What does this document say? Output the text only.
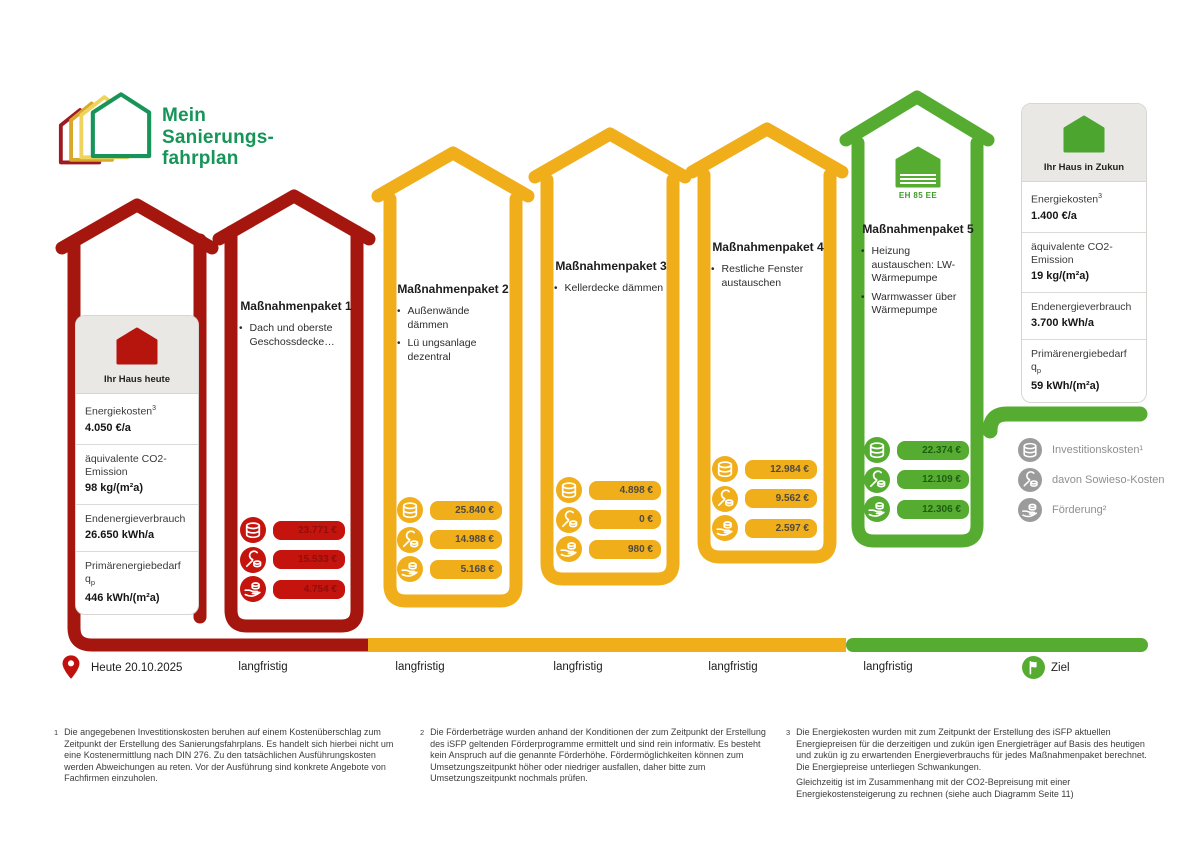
Mein
Sanierungs-
fahrplan
Ihr Haus heute
Energiekosten$^3$
4.050 €/a
äquivalente CO2-Emission
98 kg/(m²a)
Endenergieverbrauch
26.650 kWh/a
Primärenergiebedarf $q_p$
446 kWh/(m²a)
Ihr Haus in Zukun
Energiekosten$^3$
1.400 €/a
äquivalente CO2-Emission
19 kg/(m²a)
Endenergieverbrauch
3.700 kWh/a
Primärenergiebedarf $q_p$
59 kWh/(m²a)
EH 85 EE
Maßnahmenpaket 1
• Dach und oberste Geschossdecke…
Maßnahmenpaket 2
• Außenwände dämmen
• Lü ungsanlage dezentral
Maßnahmenpaket 3
• Kellerdecke dämmen
Maßnahmenpaket 4
• Restliche Fenster austauschen
Maßnahmenpaket 5
• Heizung austauschen: LW-Wärmepumpe
• Warmwasser über Wärmepumpe
23.771 €
15.533 €
4.754 €
25.840 €
14.988 €
5.168 €
4.898 €
0 €
980 €
12.984 €
9.562 €
2.597 €
22.374 €
12.109 €
12.306 €
Investitionskosten¹
davon Sowieso-Kosten
Förderung²
Heute 20.10.2025	langfristig	langfristig	langfristig	langfristig	langfristig	Ziel
1 Die angegebenen Investitionskosten beruhen auf einem Kostenüberschlag zum Zeitpunkt der Erstellung des Sanierungsfahrplans. Es handelt sich hierbei nicht um eine Kostenermittlung nach DIN 276. Zu den tatsächlichen Ausführungskosten werden Abweichungen au reten. Vor der Ausführung sind konkrete Angebote von Fachfirmen einzuholen.

2 Die Förderbeträge wurden anhand der Konditionen der zum Zeitpunkt der Erstellung des iSFP geltenden Förderprogramme ermittelt und sind rein informativ. Es besteht kein Anspruch auf die genannte Förderhöhe. Fördermöglichkeiten können zum Umsetzungszeitpunkt höher oder niedriger ausfallen, daher bitte zum Umsetzungszeitpunkt nochmals prüfen.

3 Die Energiekosten wurden mit zum Zeitpunkt der Erstellung des iSFP aktuellen Energiepreisen für die derzeitigen und zukün igen Energieträger auf Basis des heutigen und zukün ig zu erwartenden Energieverbrauchs für jedes Maßnahmenpaket berechnet. Die Energiepreise unterliegen Schwankungen.

Gleichzeitig ist im Zusammenhang mit der CO2-Bepreisung mit einer Energiekostensteigerung zu rechnen (siehe auch Diagramm Seite 11)
